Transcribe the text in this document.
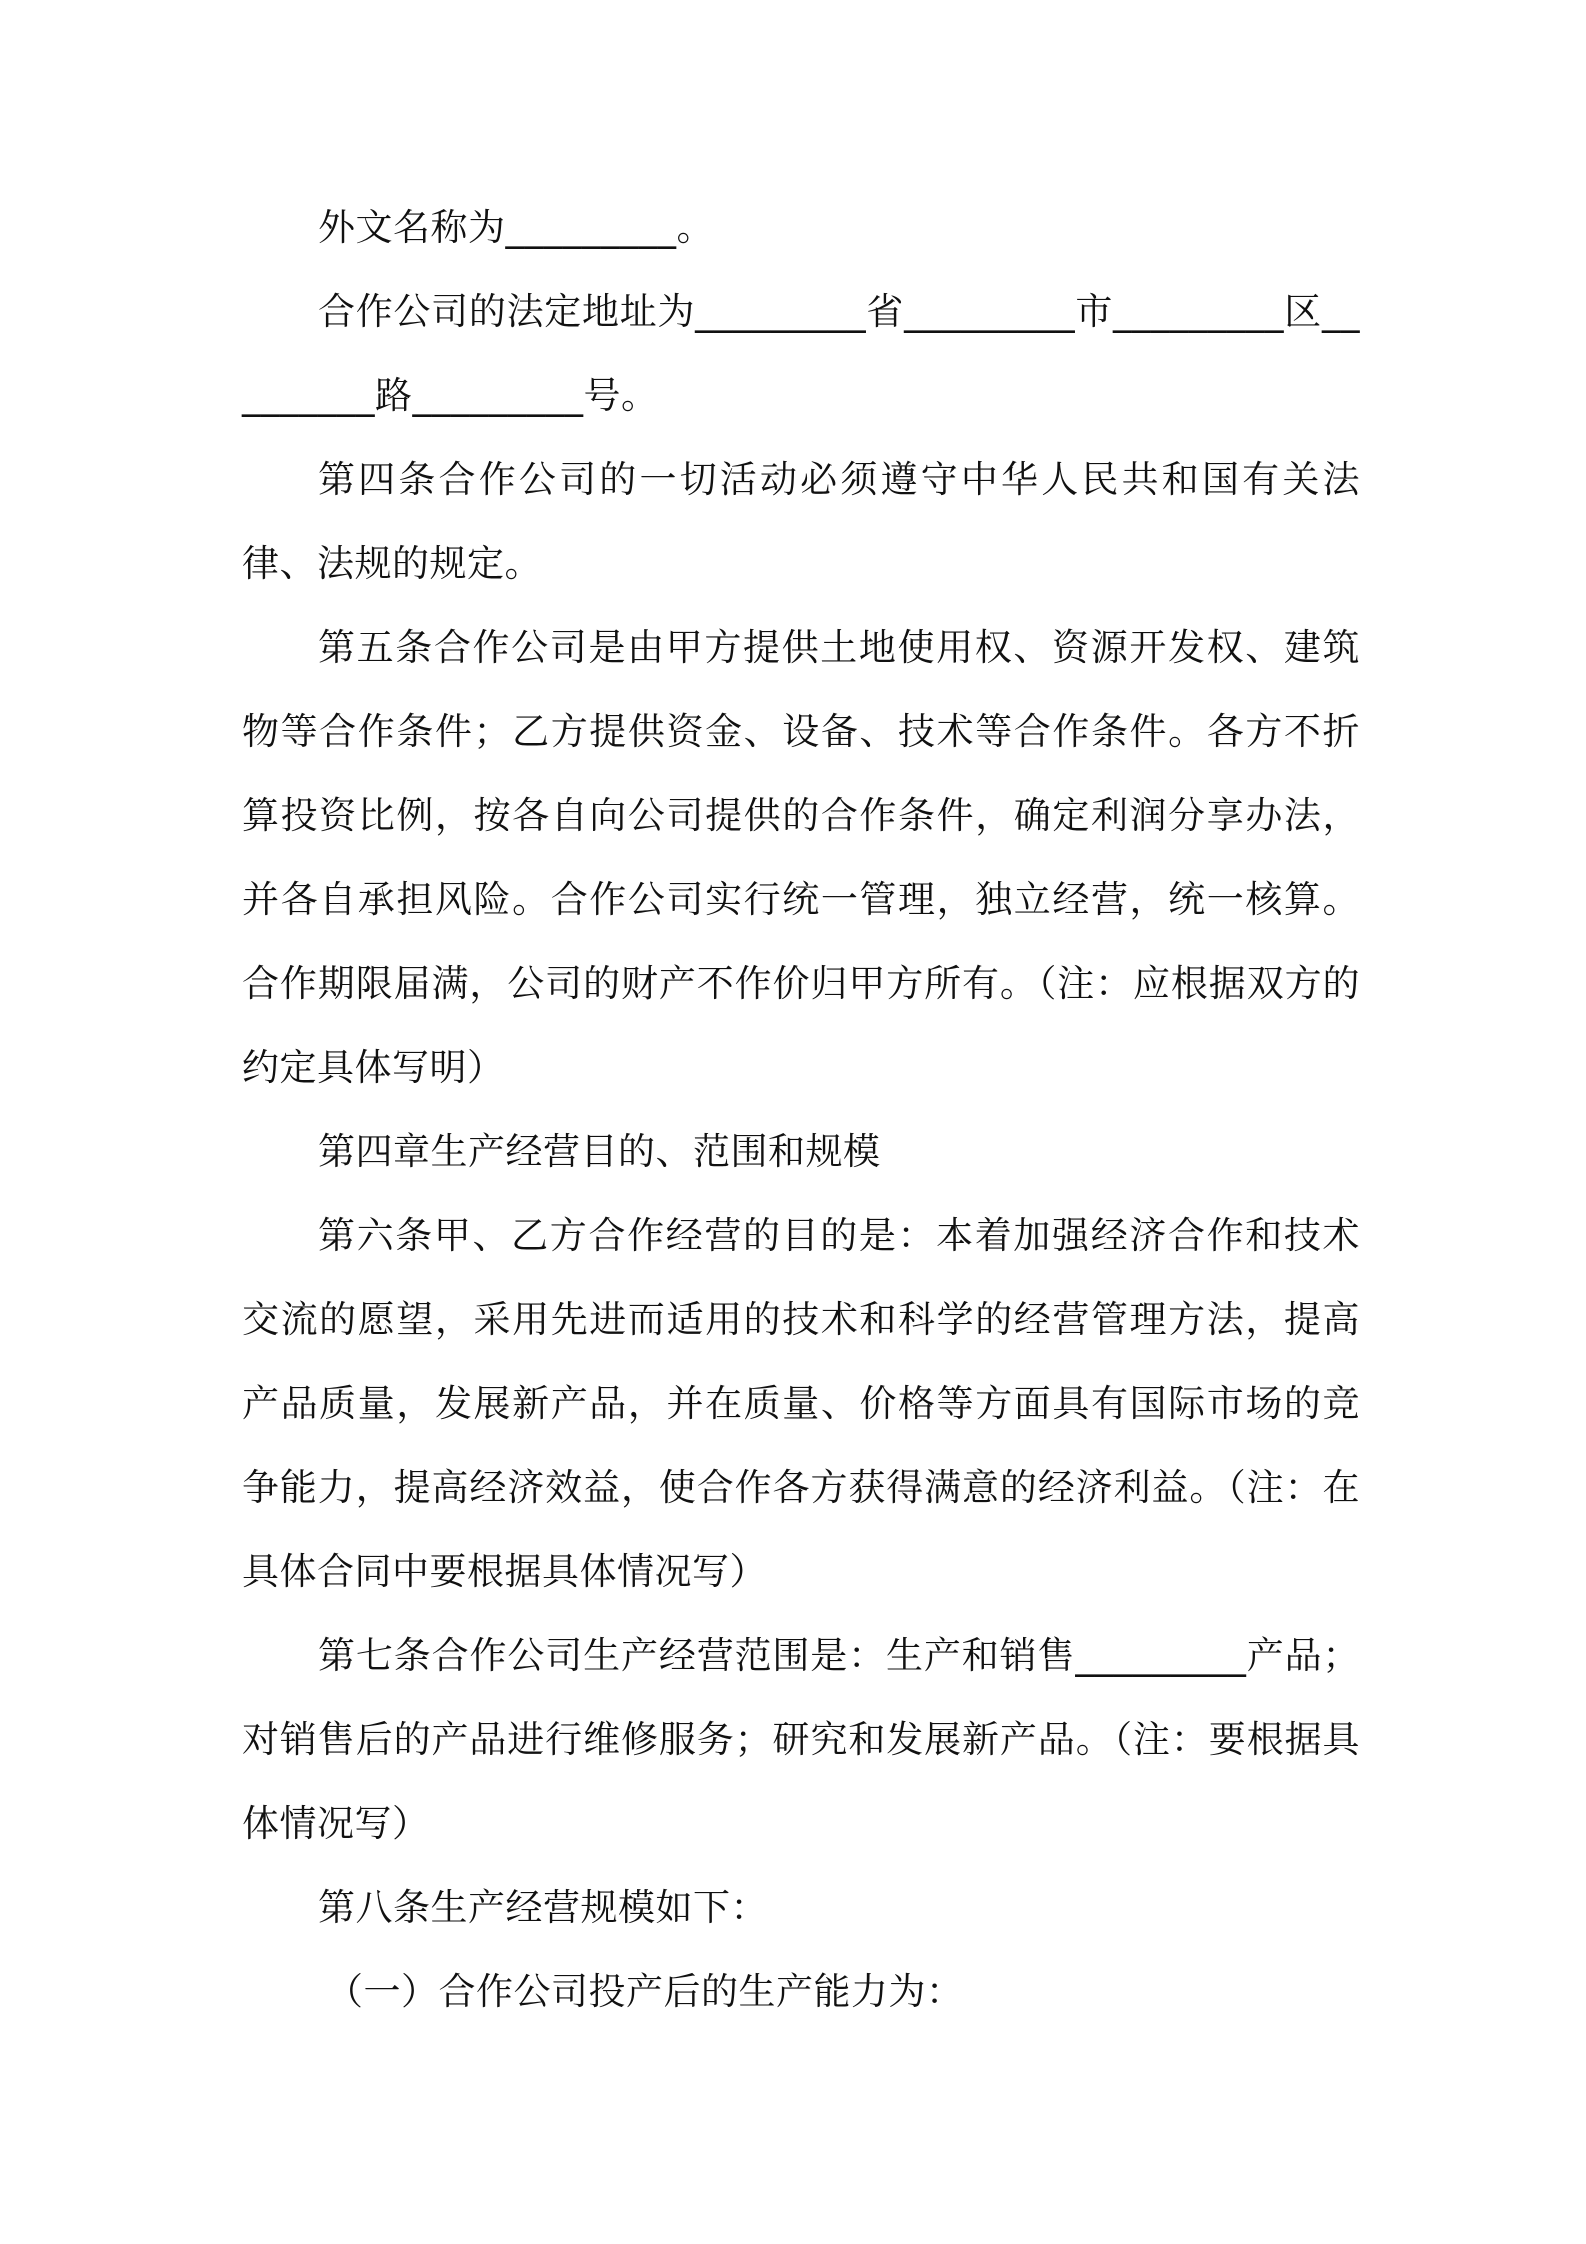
外文名称为_________。

合作公司的法定地址为_________省_________市_________区_________路_________号。

第四条合作公司的一切活动必须遵守中华人民共和国有关法律、法规的规定。

第五条合作公司是由甲方提供土地使用权、资源开发权、建筑物等合作条件；乙方提供资金、设备、技术等合作条件。各方不折算投资比例，按各自向公司提供的合作条件，确定利润分享办法，并各自承担风险。合作公司实行统一管理，独立经营，统一核算。合作期限届满，公司的财产不作价归甲方所有。（注：应根据双方的约定具体写明）

第四章生产经营目的、范围和规模

第六条甲、乙方合作经营的目的是：本着加强经济合作和技术交流的愿望，采用先进而适用的技术和科学的经营管理方法，提高产品质量，发展新产品，并在质量、价格等方面具有国际市场的竞争能力，提高经济效益，使合作各方获得满意的经济利益。（注：在具体合同中要根据具体情况写）

第七条合作公司生产经营范围是：生产和销售_________产品；对销售后的产品进行维修服务；研究和发展新产品。（注：要根据具体情况写）

第八条生产经营规模如下：

（一）合作公司投产后的生产能力为：
